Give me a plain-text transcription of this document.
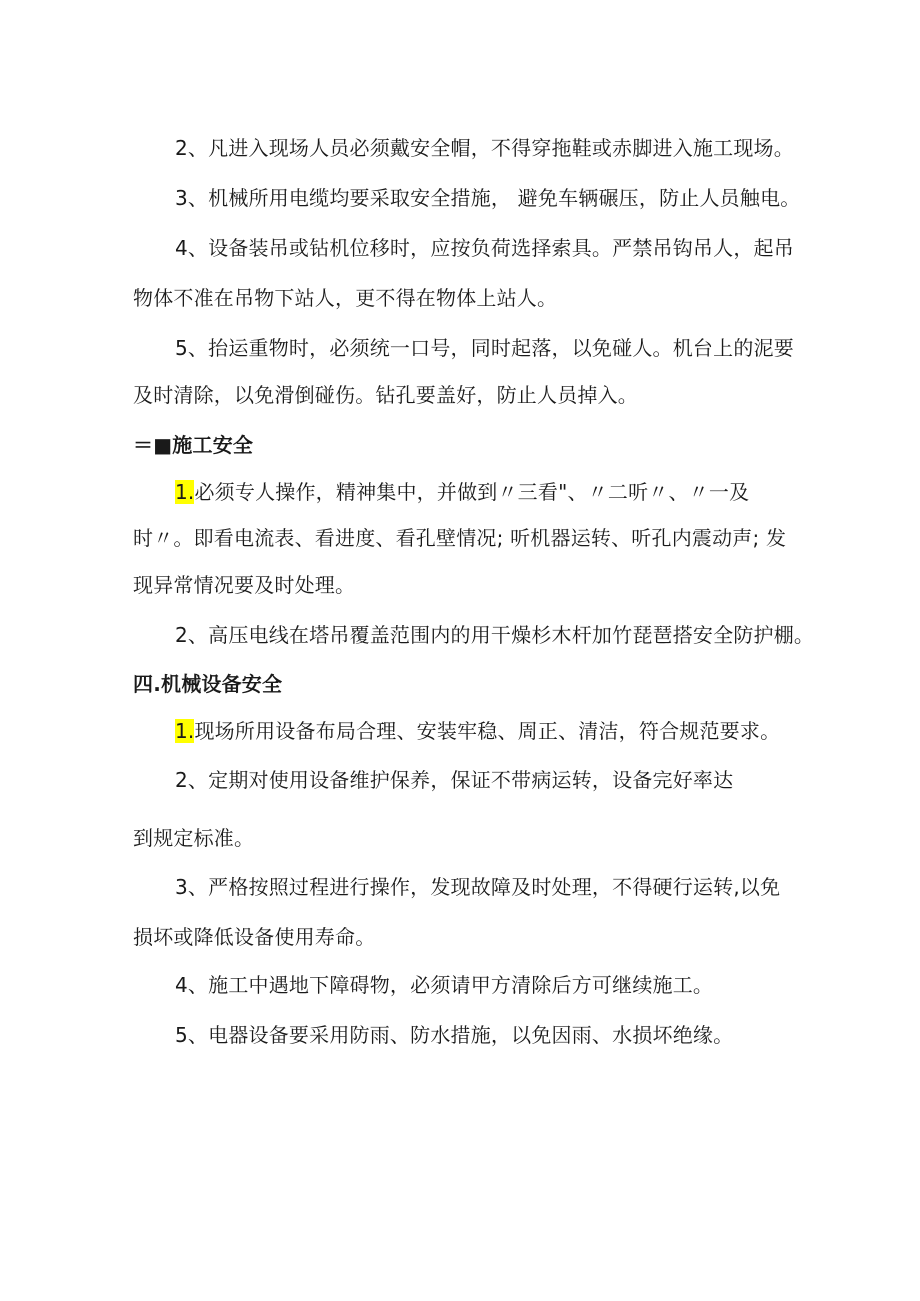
2、凡进入现场人员必须戴安全帽，不得穿拖鞋或赤脚进入施工现场。
3、机械所用电缆均要采取安全措施， 避免车辆碾压，防止人员触电。
4、设备装吊或钻机位移时，应按负荷选择索具。严禁吊钩吊人，起吊
物体不准在吊物下站人，更不得在物体上站人。
5、抬运重物时，必须统一口号，同时起落，以免碰人。机台上的泥要
及时清除，以免滑倒碰伤。钻孔要盖好，防止人员掉入。
＝■施工安全
1.必须专人操作，精神集中，并做到〃三看"、〃二听〃、〃一及
时〃。即看电流表、看进度、看孔壁情况; 听机器运转、听孔内震动声; 发
现异常情况要及时处理。
2、高压电线在塔吊覆盖范围内的用干燥杉木杆加竹琵琶搭安全防护棚。
四.机械设备安全
1.现场所用设备布局合理、安装牢稳、周正、清洁，符合规范要求。
2、定期对使用设备维护保养，保证不带病运转，设备完好率达
到规定标准。
3、严格按照过程进行操作，发现故障及时处理，不得硬行运转,以免
损坏或降低设备使用寿命。
4、施工中遇地下障碍物，必须请甲方清除后方可继续施工。
5、电器设备要采用防雨、防水措施，以免因雨、水损坏绝缘。
